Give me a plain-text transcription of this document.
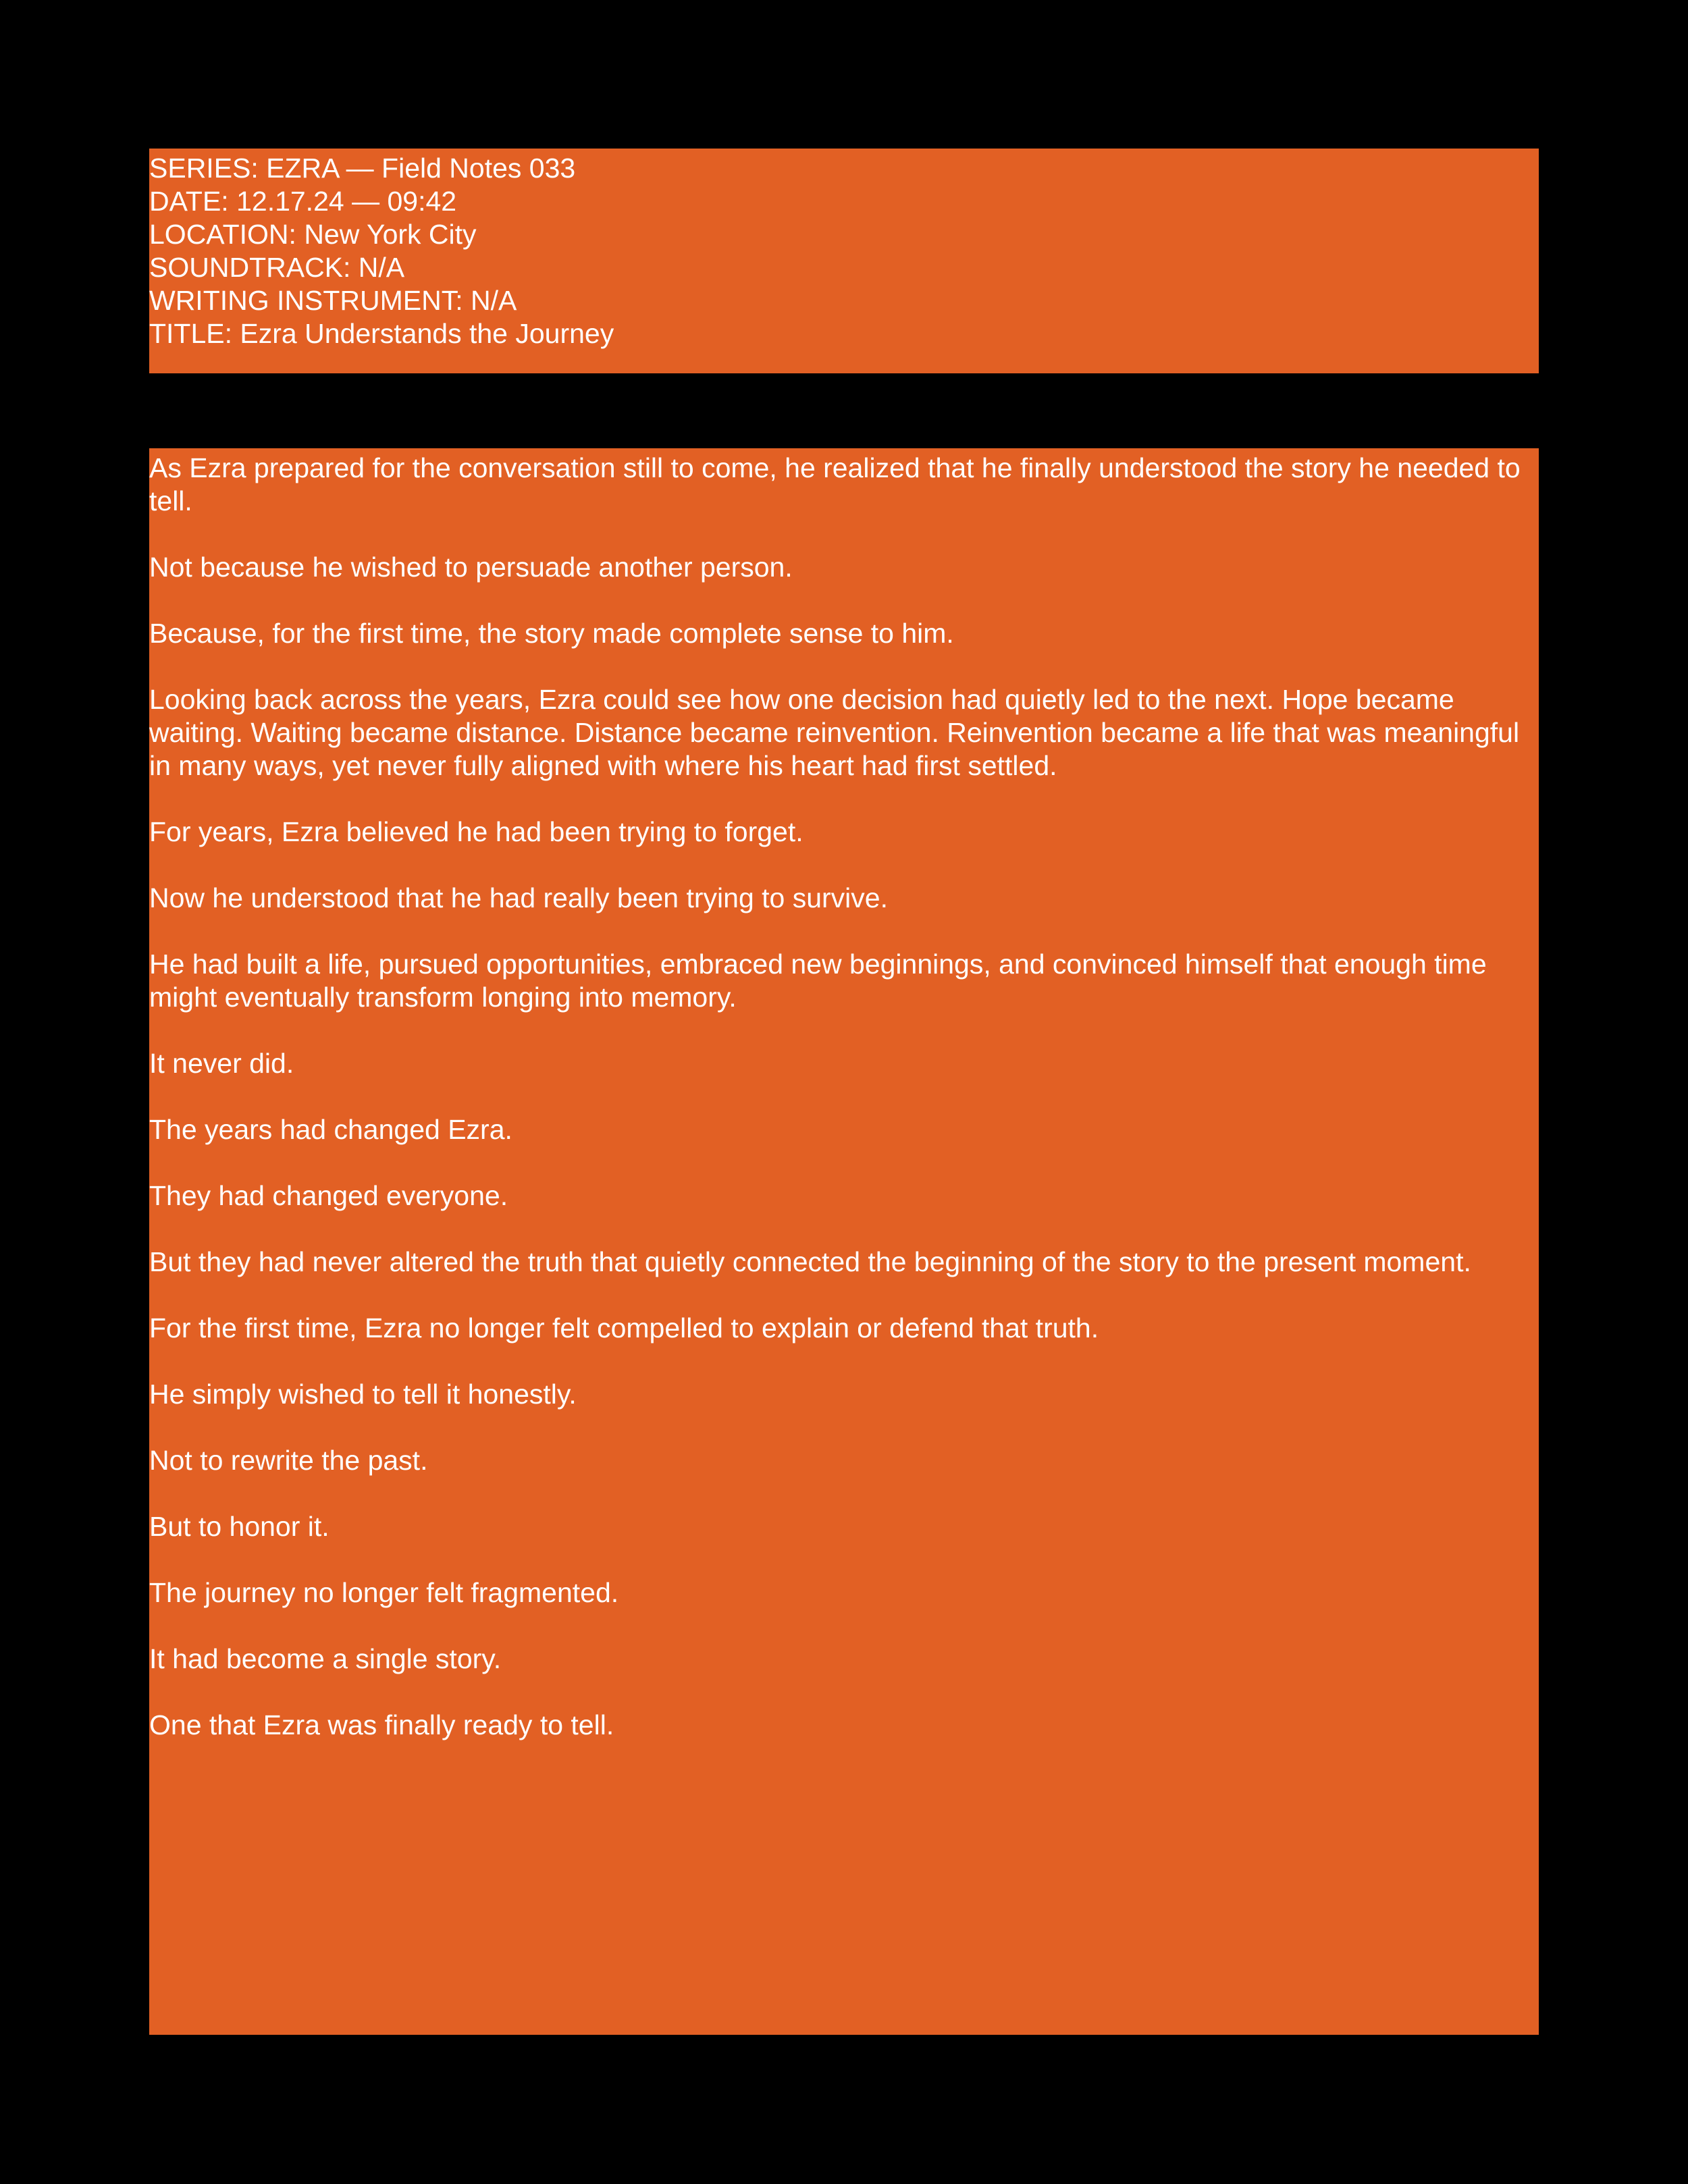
SERIES: EZRA — Field Notes 033
DATE: 12.17.24 — 09:42
LOCATION: New York City
SOUNDTRACK: N/A
WRITING INSTRUMENT: N/A
TITLE: Ezra Understands the Journey

As Ezra prepared for the conversation still to come, he realized that he finally understood the story he needed to tell.

Not because he wished to persuade another person.

Because, for the first time, the story made complete sense to him.

Looking back across the years, Ezra could see how one decision had quietly led to the next. Hope became waiting. Waiting became distance. Distance became reinvention. Reinvention became a life that was meaningful in many ways, yet never fully aligned with where his heart had first settled.

For years, Ezra believed he had been trying to forget.

Now he understood that he had really been trying to survive.

He had built a life, pursued opportunities, embraced new beginnings, and convinced himself that enough time might eventually transform longing into memory.

It never did.

The years had changed Ezra.

They had changed everyone.

But they had never altered the truth that quietly connected the beginning of the story to the present moment.

For the first time, Ezra no longer felt compelled to explain or defend that truth.

He simply wished to tell it honestly.

Not to rewrite the past.

But to honor it.

The journey no longer felt fragmented.

It had become a single story.

One that Ezra was finally ready to tell.
